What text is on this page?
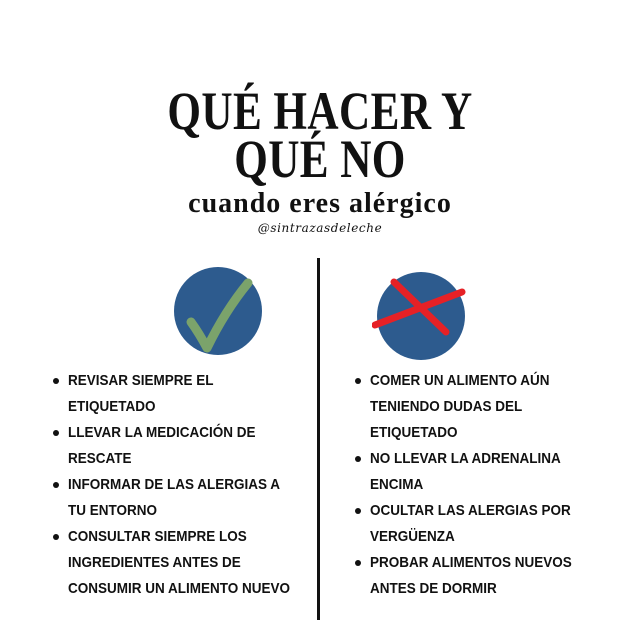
QUÉ HACER Y
QUÉ NO
cuando eres alérgico
@sintrazasdeleche
REVISAR SIEMPRE EL
ETIQUETADO
LLEVAR LA MEDICACIÓN DE
RESCATE
INFORMAR DE LAS ALERGIAS A
TU ENTORNO
CONSULTAR SIEMPRE LOS
INGREDIENTES ANTES DE
CONSUMIR UN ALIMENTO NUEVO
COMER UN ALIMENTO AÚN
TENIENDO DUDAS DEL
ETIQUETADO
NO LLEVAR LA ADRENALINA
ENCIMA
OCULTAR LAS ALERGIAS POR
VERGÜENZA
PROBAR ALIMENTOS NUEVOS
ANTES DE DORMIR
